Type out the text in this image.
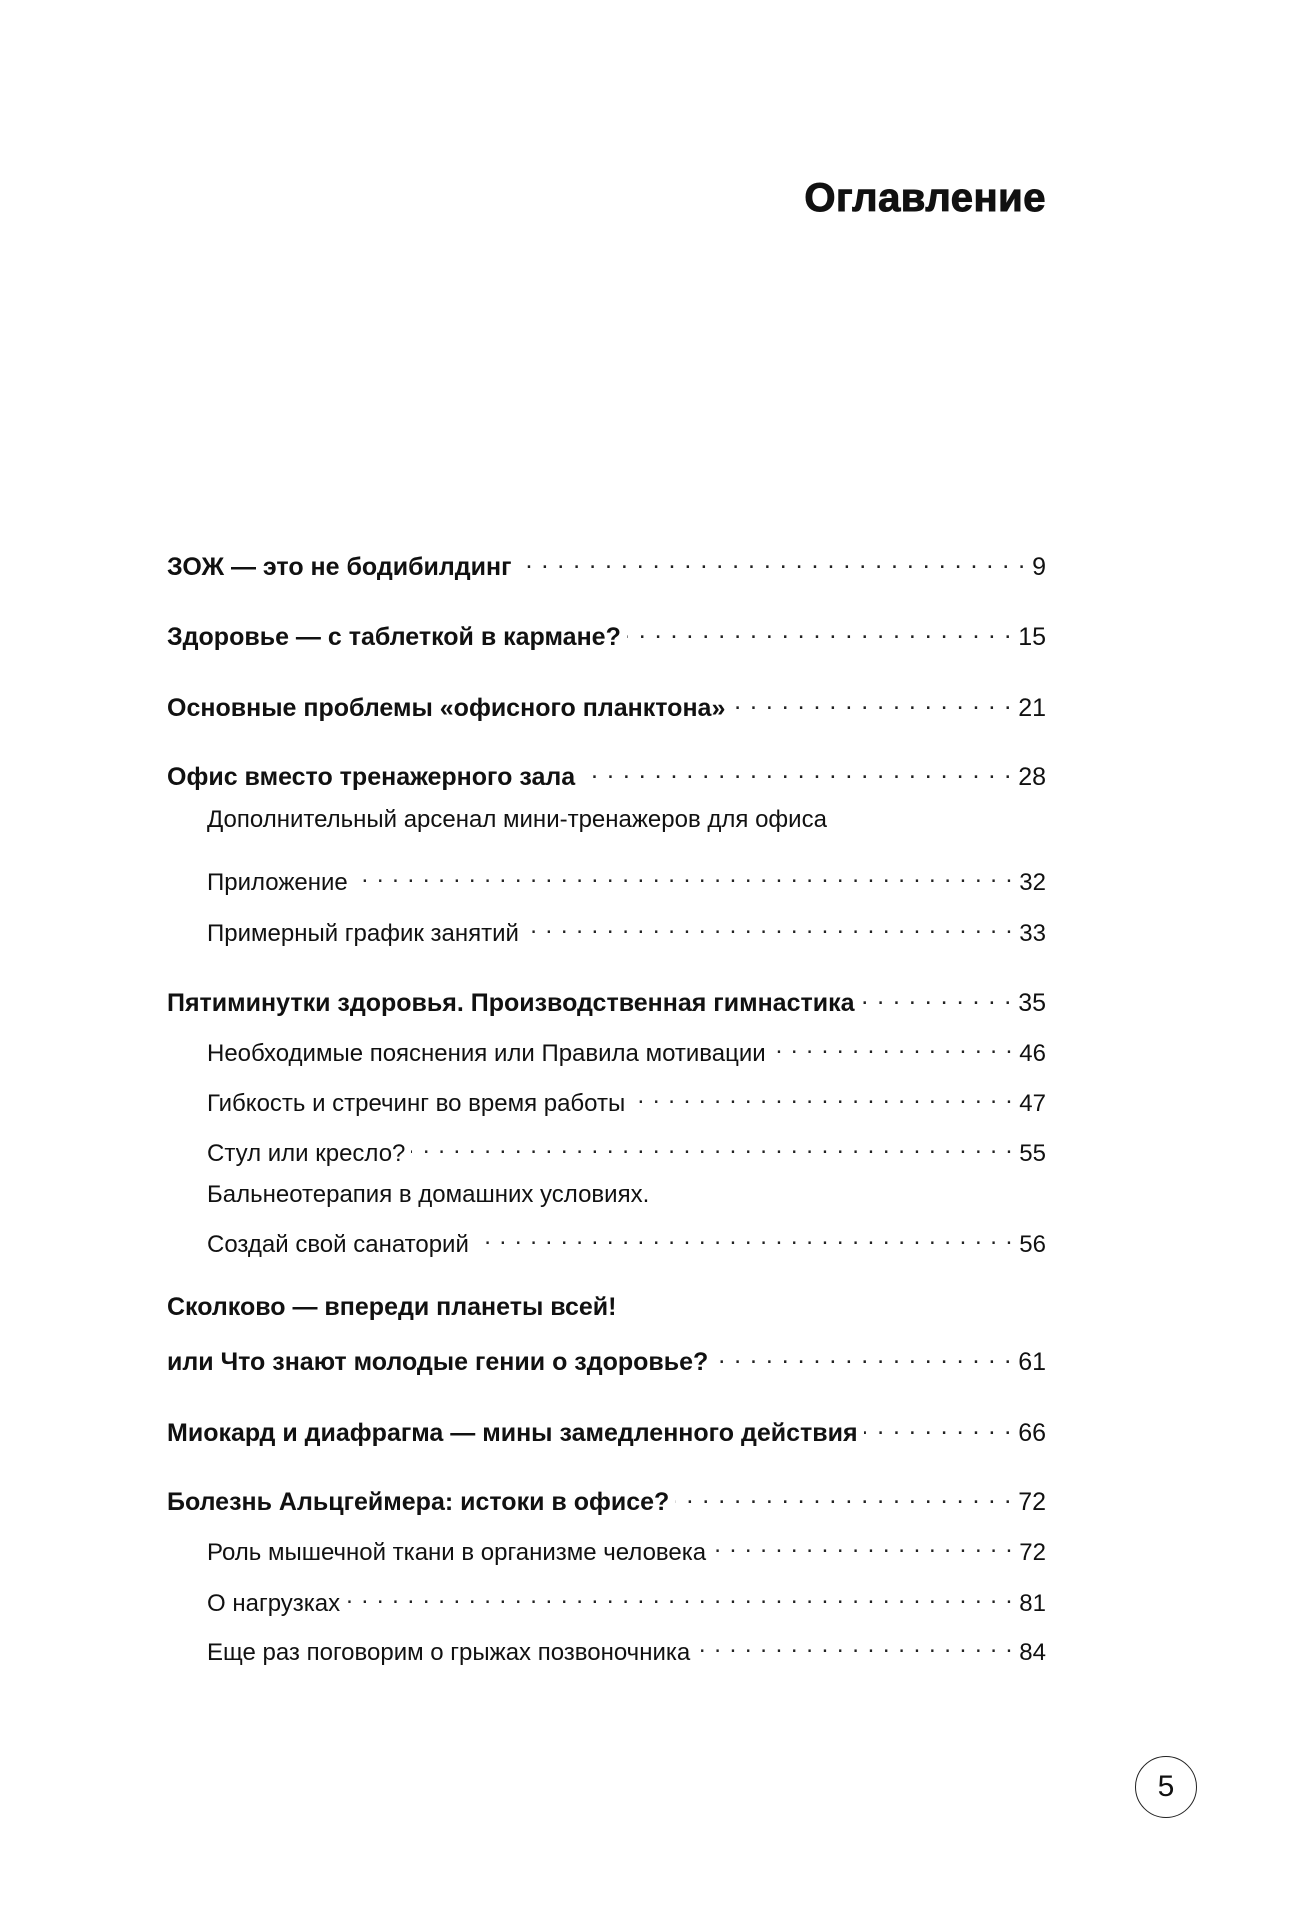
Оглавление
ЗОЖ — это не бодибилдинг . . .	9
Здоровье — с таблеткой в кармане? . . .	15
Основные проблемы «офисного планктона» . . .	21
Офис вместо тренажерного зала . . .	28
Дополнительный арсенал мини-тренажеров для офиса
Приложение . . .	32
Примерный график занятий . . .	33
Пятиминутки здоровья. Производственная гимнастика . . .	35
Необходимые пояснения или Правила мотивации . . .	46
Гибкость и стречинг во время работы . . .	47
Стул или кресло? . . .	55
Бальнеотерапия в домашних условиях.
Создай свой санаторий . . .	56
Сколково — впереди планеты всей!
или Что знают молодые гении о здоровье? . . .	61
Миокард и диафрагма — мины замедленного действия . . .	66
Болезнь Альцгеймера: истоки в офисе? . . .	72
Роль мышечной ткани в организме человека . . .	72
О нагрузках . . .	81
Еще раз поговорим о грыжах позвоночника . . .	84
5
